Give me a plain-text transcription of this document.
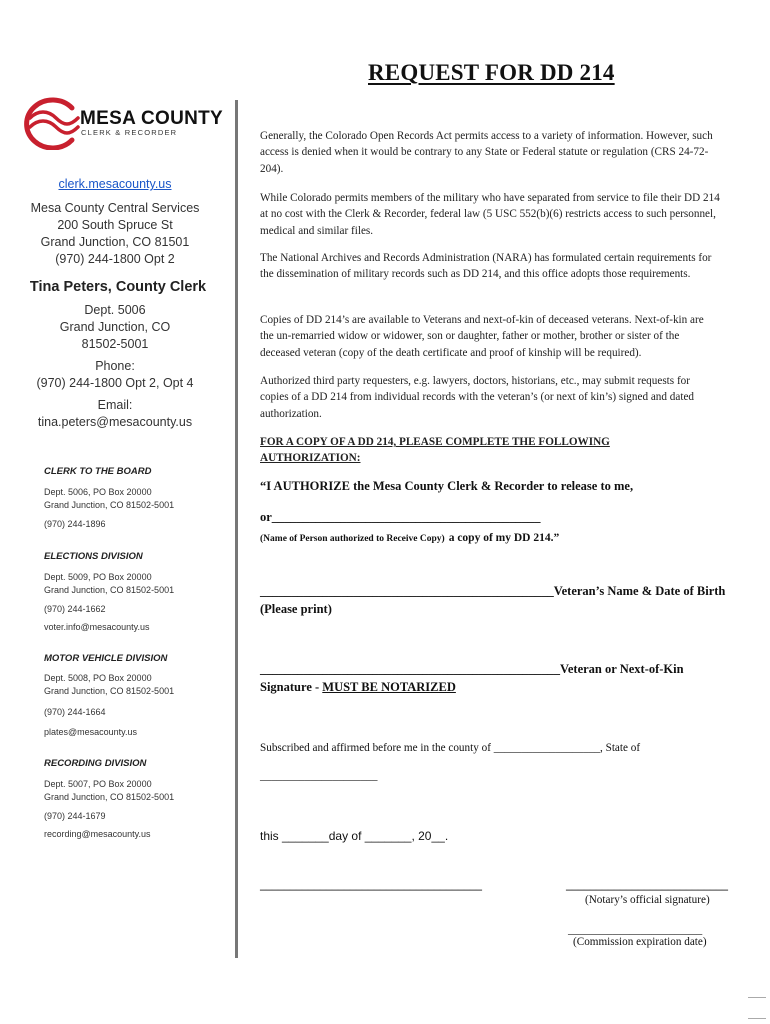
REQUEST FOR DD 214
MESA COUNTY
CLERK & RECORDER
clerk.mesacounty.us
Mesa County Central Services
200 South Spruce St
Grand Junction, CO 81501
(970) 244-1800 Opt 2
Tina Peters, County Clerk
Dept. 5006
Grand Junction, CO
81502-5001
Phone:
(970) 244-1800 Opt 2, Opt 4
Email:
tina.peters@mesacounty.us
CLERK TO THE BOARD
Dept. 5006, PO Box 20000
Grand Junction, CO 81502-5001
(970) 244-1896
ELECTIONS DIVISION
Dept. 5009, PO Box 20000
Grand Junction, CO 81502-5001
(970) 244-1662
voter.info@mesacounty.us
MOTOR VEHICLE DIVISION
Dept. 5008, PO Box 20000
Grand Junction, CO 81502-5001
(970) 244-1664
plates@mesacounty.us
RECORDING DIVISION
Dept. 5007, PO Box 20000
Grand Junction, CO 81502-5001
(970) 244-1679
recording@mesacounty.us
Generally, the Colorado Open Records Act permits access to a variety of information. However, such access is denied when it would be contrary to any State or Federal statute or regulation (CRS 24-72-204).
While Colorado permits members of the military who have separated from service to file their DD 214 at no cost with the Clerk & Recorder, federal law (5 USC 552(b)(6) restricts access to such personnel, medical and similar files.
The National Archives and Records Administration (NARA) has formulated certain requirements for the dissemination of military records such as DD 214, and this office adopts those requirements.
Copies of DD 214’s are available to Veterans and next-of-kin of deceased veterans. Next-of-kin are the un-remarried widow or widower, son or daughter, father or mother, brother or sister of the deceased veteran (copy of the death certificate and proof of kinship will be required).
Authorized third party requesters, e.g. lawyers, doctors, historians, etc., may submit requests for copies of a DD 214 from individual records with the veteran’s (or next of kin’s) signed and dated authorization.
FOR A COPY OF A DD 214, PLEASE COMPLETE THE FOLLOWING AUTHORIZATION:
“I AUTHORIZE the Mesa County Clerk & Recorder to release to me,
or___________________________________________
(Name of Person authorized to Receive Copy) a copy of my DD 214.”
_______________________________________________Veteran’s Name & Date of Birth
(Please print)
________________________________________________Veteran or Next-of-Kin
Signature - MUST BE NOTARIZED
Subscribed and affirmed before me in the county of ___________________, State of
_____________________
this _______day of _______, 20__.
_____________________________________	___________________________
(Notary’s official signature)
________________________
(Commission expiration date)
